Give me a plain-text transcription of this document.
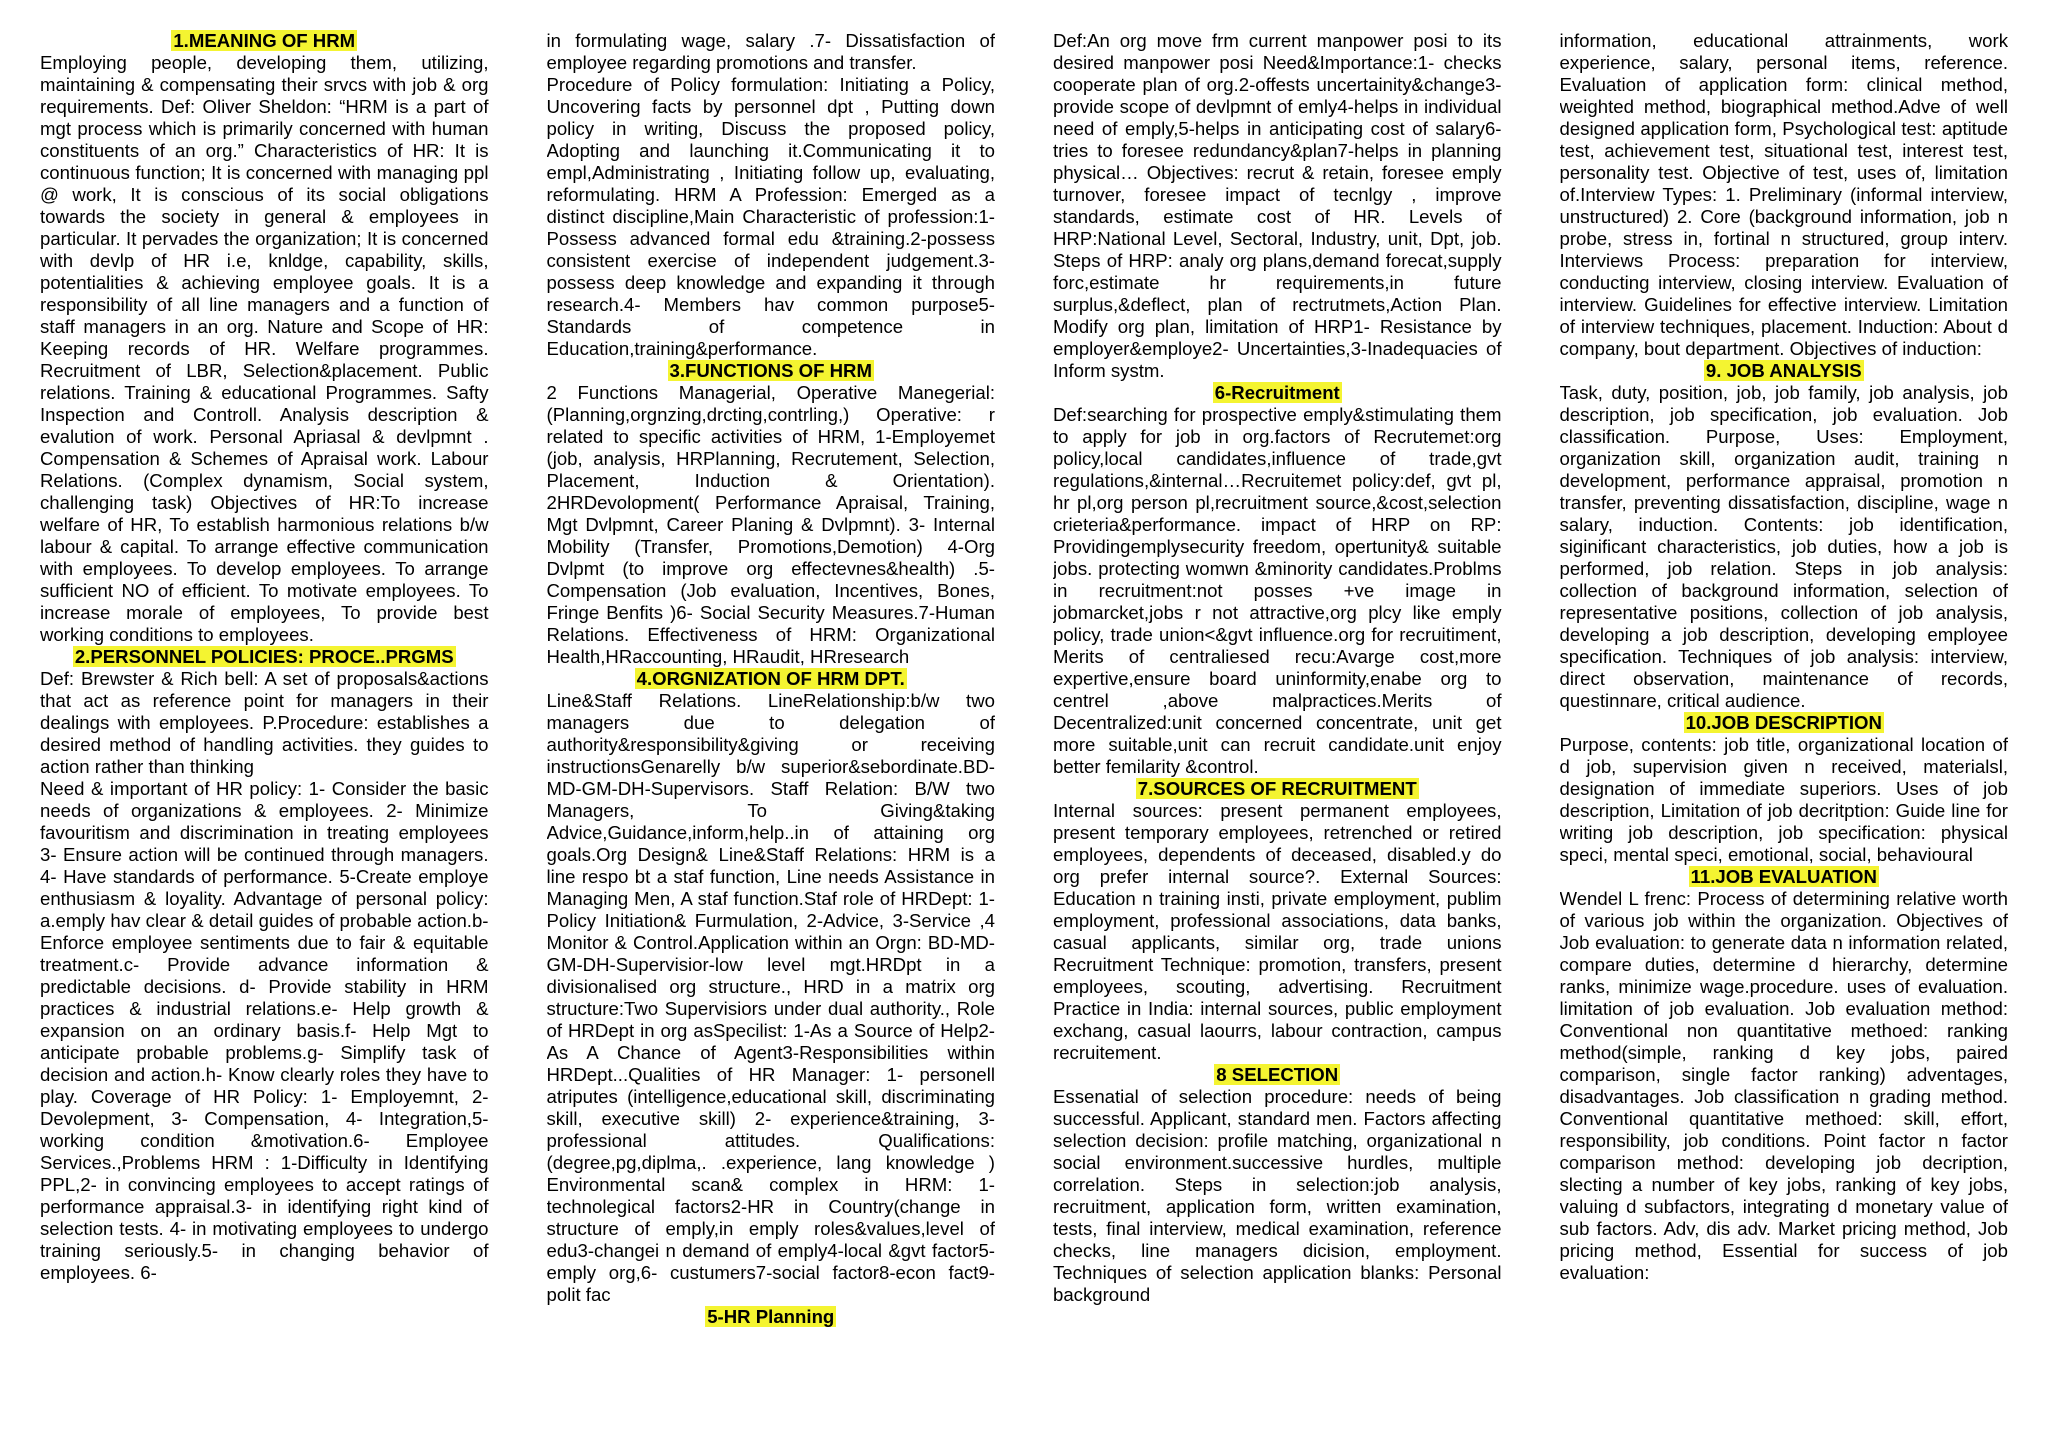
1.MEANING OF HRM

Employing people, developing them, utilizing, maintaining & compensating their srvcs with job & org requirements. Def: Oliver Sheldon: “HRM is a part of mgt process which is primarily concerned with human constituents of an org.” Characteristics of HR: It is continuous function; It is concerned with managing ppl @ work, It is conscious of its social obligations towards the society in general & employees in particular. It pervades the organization; It is concerned with devlp of HR i.e, knldge, capability, skills, potentialities & achieving employee goals. It is a responsibility of all line managers and a function of staff managers in an org. Nature and Scope of HR: Keeping records of HR. Welfare programmes. Recruitment of LBR, Selection&placement. Public relations. Training & educational Programmes. Safty Inspection and Controll. Analysis description & evalution of work. Personal Apriasal & devlpmnt . Compensation & Schemes of Apraisal work. Labour Relations. (Complex dynamism, Social system, challenging task) Objectives of HR:To increase welfare of HR, To establish harmonious relations b/w labour & capital. To arrange effective communication with employees. To develop employees. To arrange sufficient NO of efficient. To motivate employees. To increase morale of employees, To provide best working conditions to employees.

2.PERSONNEL POLICIES: PROCE..PRGMS

Def: Brewster & Rich bell: A set of proposals&actions that act as reference point for managers in their dealings with employees. P.Procedure: establishes a desired method of handling activities. they guides to action rather than thinking

Need & important of HR policy: 1- Consider the basic needs of organizations & employees. 2- Minimize favouritism and discrimination in treating employees 3- Ensure action will be continued through managers. 4- Have standards of performance. 5-Create employe enthusiasm & loyality. Advantage of personal policy: a.emply hav clear & detail guides of probable action.b- Enforce employee sentiments due to fair & equitable treatment.c- Provide advance information & predictable decisions. d- Provide stability in HRM practices & industrial relations.e- Help growth & expansion on an ordinary basis.f- Help Mgt to anticipate probable problems.g- Simplify task of decision and action.h- Know clearly roles they have to play. Coverage of HR Policy: 1- Employemnt, 2- Devolepment, 3- Compensation, 4- Integration,5- working condition &motivation.6- Employee Services.,Problems HRM : 1-Difficulty in Identifying PPL,2- in convincing employees to accept ratings of performance appraisal.3- in identifying right kind of selection tests. 4- in motivating employees to undergo training seriously.5- in changing behavior of employees. 6-

in formulating wage, salary .7- Dissatisfaction of employee regarding promotions and transfer.

Procedure of Policy formulation: Initiating a Policy, Uncovering facts by personnel dpt , Putting down policy in writing, Discuss the proposed policy, Adopting and launching it.Communicating it to empl,Administrating , Initiating follow up, evaluating, reformulating. HRM A Profession: Emerged as a distinct discipline,Main Characteristic of profession:1-Possess advanced formal edu &training.2-possess consistent exercise of independent judgement.3-possess deep knowledge and expanding it through research.4- Members hav common purpose5-Standards of competence in Education,training&performance.

3.FUNCTIONS OF HRM

2 Functions Managerial, Operative Manegerial: (Planning,orgnzing,drcting,contrling,) Operative: r related to specific activities of HRM, 1-Employemet (job, analysis, HRPlanning, Recrutement, Selection, Placement, Induction & Orientation). 2HRDevolopment( Performance Apraisal, Training, Mgt Dvlpmnt, Career Planing & Dvlpmnt). 3- Internal Mobility (Transfer, Promotions,Demotion) 4-Org Dvlpmt (to improve org effectevnes&health) .5- Compensation (Job evaluation, Incentives, Bones, Fringe Benfits )6- Social Security Measures.7-Human Relations. Effectiveness of HRM: Organizational Health,HRaccounting, HRaudit, HRresearch

4.ORGNIZATION OF HRM DPT.

Line&Staff Relations. LineRelationship:b/w two managers due to delegation of authority&responsibility&giving or receiving instructionsGenarelly b/w superior&sebordinate.BD-MD-GM-DH-Supervisors. Staff Relation: B/W two Managers, To Giving&taking Advice,Guidance,inform,help..in of attaining org goals.Org Design& Line&Staff Relations: HRM is a line respo bt a staf function, Line needs Assistance in Managing Men, A staf function.Staf role of HRDept: 1-Policy Initiation& Furmulation, 2-Advice, 3-Service ,4 Monitor & Control.Application within an Orgn: BD-MD-GM-DH-Supervisior-low level mgt.HRDpt in a divisionalised org structure., HRD in a matrix org structure:Two Supervisiors under dual authority., Role of HRDept in org asSpecilist: 1-As a Source of Help2-As A Chance of Agent3-Responsibilities within HRDept...Qualities of HR Manager: 1- personell atriputes (intelligence,educational skill, discriminating skill, executive skill) 2- experience&training, 3- professional attitudes. Qualifications: (degree,pg,diplma,. .experience, lang knowledge ) Environmental scan& complex in HRM: 1-technolegical factors2-HR in Country(change in structure of emply,in emply roles&values,level of edu3-changei n demand of emply4-local &gvt factor5-emply org,6- custumers7-social factor8-econ fact9-polit fac

5-HR Planning

Def:An org move frm current manpower posi to its desired manpower posi Need&Importance:1- checks cooperate plan of org.2-offests uncertainity&change3-provide scope of devlpmnt of emly4-helps in individual need of emply,5-helps in anticipating cost of salary6- tries to foresee redundancy&plan7-helps in planning physical… Objectives: recrut & retain, foresee emply turnover, foresee impact of tecnlgy , improve standards, estimate cost of HR. Levels of HRP:National Level, Sectoral, Industry, unit, Dpt, job. Steps of HRP: analy org plans,demand forecat,supply forc,estimate hr requirements,in future surplus,&deflect, plan of rectrutmets,Action Plan. Modify org plan, limitation of HRP1- Resistance by employer&employe2- Uncertainties,3-Inadequacies of Inform systm.

6-Recruitment

Def:searching for prospective emply&stimulating them to apply for job in org.factors of Recrutemet:org policy,local candidates,influence of trade,gvt regulations,&internal…Recruitemet policy:def, gvt pl, hr pl,org person pl,recruitment source,&cost,selection crieteria&performance. impact of HRP on RP: Providingemplysecurity freedom, opertunity& suitable jobs. protecting womwn &minority candidates.Problms in recruitment:not posses +ve image in jobmarcket,jobs r not attractive,org plcy like emply policy, trade union<&gvt influence.org for recruitiment, Merits of centraliesed recu:Avarge cost,more expertive,ensure board uninformity,enabe org to centrel ,above malpractices.Merits of Decentralized:unit concerned concentrate, unit get more suitable,unit can recruit candidate.unit enjoy better femilarity &control.

7.SOURCES OF RECRUITMENT

Internal sources: present permanent employees, present temporary employees, retrenched or retired employees, dependents of deceased, disabled.y do org prefer internal source?. External Sources: Education n training insti, private employment, publim employment, professional associations, data banks, casual applicants, similar org, trade unions Recruitment Technique: promotion, transfers, present employees, scouting, advertising. Recruitment Practice in India: internal sources, public employment exchang, casual laourrs, labour contraction, campus recruitement.

8 SELECTION

Essenatial of selection procedure: needs of being successful. Applicant, standard men. Factors affecting selection decision: profile matching, organizational n social environment.successive hurdles, multiple correlation. Steps in selection:job analysis, recruitment, application form, written examination, tests, final interview, medical examination, reference checks, line managers dicision, employment. Techniques of selection application blanks: Personal background

information, educational attrainments, work experience, salary, personal items, reference. Evaluation of application form: clinical method, weighted method, biographical method.Adve of well designed application form, Psychological test: aptitude test, achievement test, situational test, interest test, personality test. Objective of test, uses of, limitation of.Interview Types: 1. Preliminary (informal interview, unstructured) 2. Core (background information, job n probe, stress in, fortinal n structured, group interv. Interviews Process: preparation for interview, conducting interview, closing interview. Evaluation of interview. Guidelines for effective interview. Limitation of interview techniques, placement. Induction: About d company, bout department. Objectives of induction:

9. JOB ANALYSIS

Task, duty, position, job, job family, job analysis, job description, job specification, job evaluation. Job classification. Purpose, Uses: Employment, organization skill, organization audit, training n development, performance appraisal, promotion n transfer, preventing dissatisfaction, discipline, wage n salary, induction. Contents: job identification, siginificant characteristics, job duties, how a job is performed, job relation. Steps in job analysis: collection of background information, selection of representative positions, collection of job analysis, developing a job description, developing employee specification. Techniques of job analysis: interview, direct observation, maintenance of records, questinnare, critical audience.

10.JOB DESCRIPTION

Purpose, contents: job title, organizational location of d job, supervision given n received, materialsl, designation of immediate superiors. Uses of job description, Limitation of job decritption: Guide line for writing job description, job specification: physical speci, mental speci, emotional, social, behavioural

11.JOB EVALUATION

Wendel L frenc: Process of determining relative worth of various job within the organization. Objectives of Job evaluation: to generate data n information related, compare duties, determine d hierarchy, determine ranks, minimize wage.procedure. uses of evaluation. limitation of job evaluation. Job evaluation method: Conventional non quantitative methoed: ranking method(simple, ranking d key jobs, paired comparison, single factor ranking) adventages, disadvantages. Job classification n grading method. Conventional quantitative methoed: skill, effort, responsibility, job conditions. Point factor n factor comparison method: developing job decription, slecting a number of key jobs, ranking of key jobs, valuing d subfactors, integrating d monetary value of sub factors. Adv, dis adv. Market pricing method, Job pricing method, Essential for success of job evaluation:
